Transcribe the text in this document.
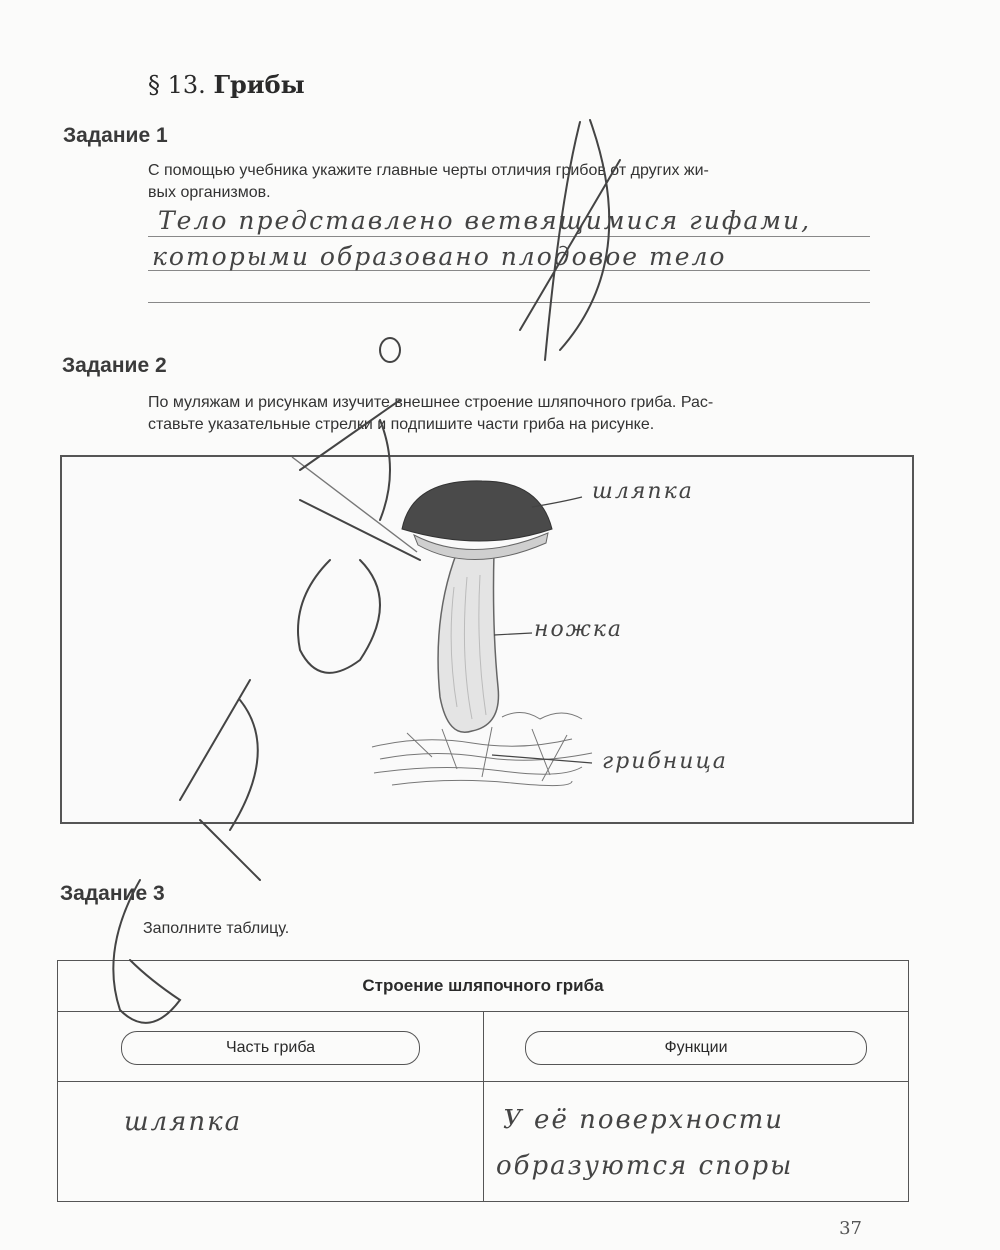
§ 13. Грибы
Задание 1
С помощью учебника укажите главные черты отличия грибов от других жи-
вых организмов.
Тело представлено ветвящимися гифами,
которыми образовано плодовое тело
Задание 2
По муляжам и рисункам изучите внешнее строение шляпочного гриба. Рас-
ставьте указательные стрелки и подпишите части гриба на рисунке.
шляпка
ножка
грибница
Задание 3
Заполните таблицу.
Строение шляпочного гриба
Часть гриба	Функции
шляпка	У её поверхности
образуются споры
37
